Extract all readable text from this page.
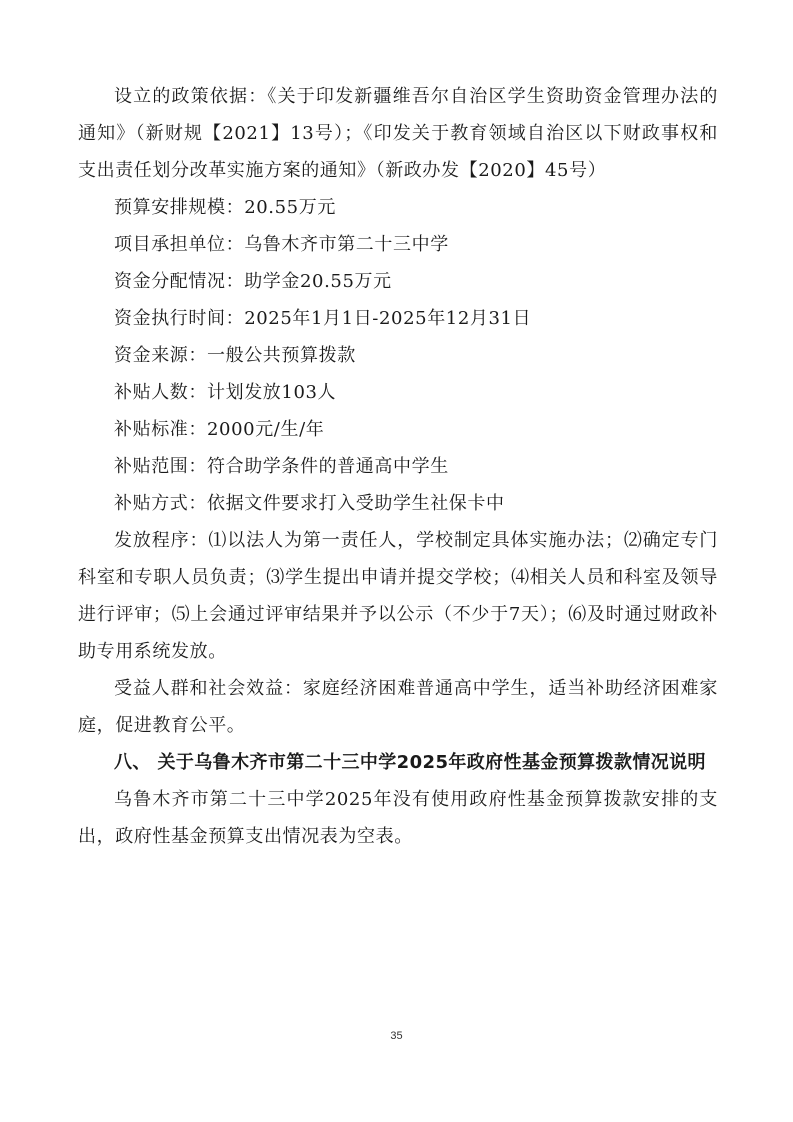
设立的政策依据：《关于印发新疆维吾尔自治区学生资助资金管理办法的通知》（新财规【2021】13号）；《印发关于教育领域自治区以下财政事权和支出责任划分改革实施方案的通知》（新政办发【2020】45号）

预算安排规模：20.55万元

项目承担单位：乌鲁木齐市第二十三中学

资金分配情况：助学金20.55万元

资金执行时间：2025年1月1日-2025年12月31日

资金来源：一般公共预算拨款

补贴人数：计划发放103人

补贴标准：2000元/生/年

补贴范围：符合助学条件的普通高中学生

补贴方式：依据文件要求打入受助学生社保卡中

发放程序：⑴以法人为第一责任人，学校制定具体实施办法；⑵确定专门科室和专职人员负责；⑶学生提出申请并提交学校；⑷相关人员和科室及领导进行评审；⑸上会通过评审结果并予以公示（不少于7天）；⑹及时通过财政补助专用系统发放。

受益人群和社会效益：家庭经济困难普通高中学生，适当补助经济困难家庭，促进教育公平。

八、 关于乌鲁木齐市第二十三中学2025年政府性基金预算拨款情况说明

乌鲁木齐市第二十三中学2025年没有使用政府性基金预算拨款安排的支出，政府性基金预算支出情况表为空表。

35
